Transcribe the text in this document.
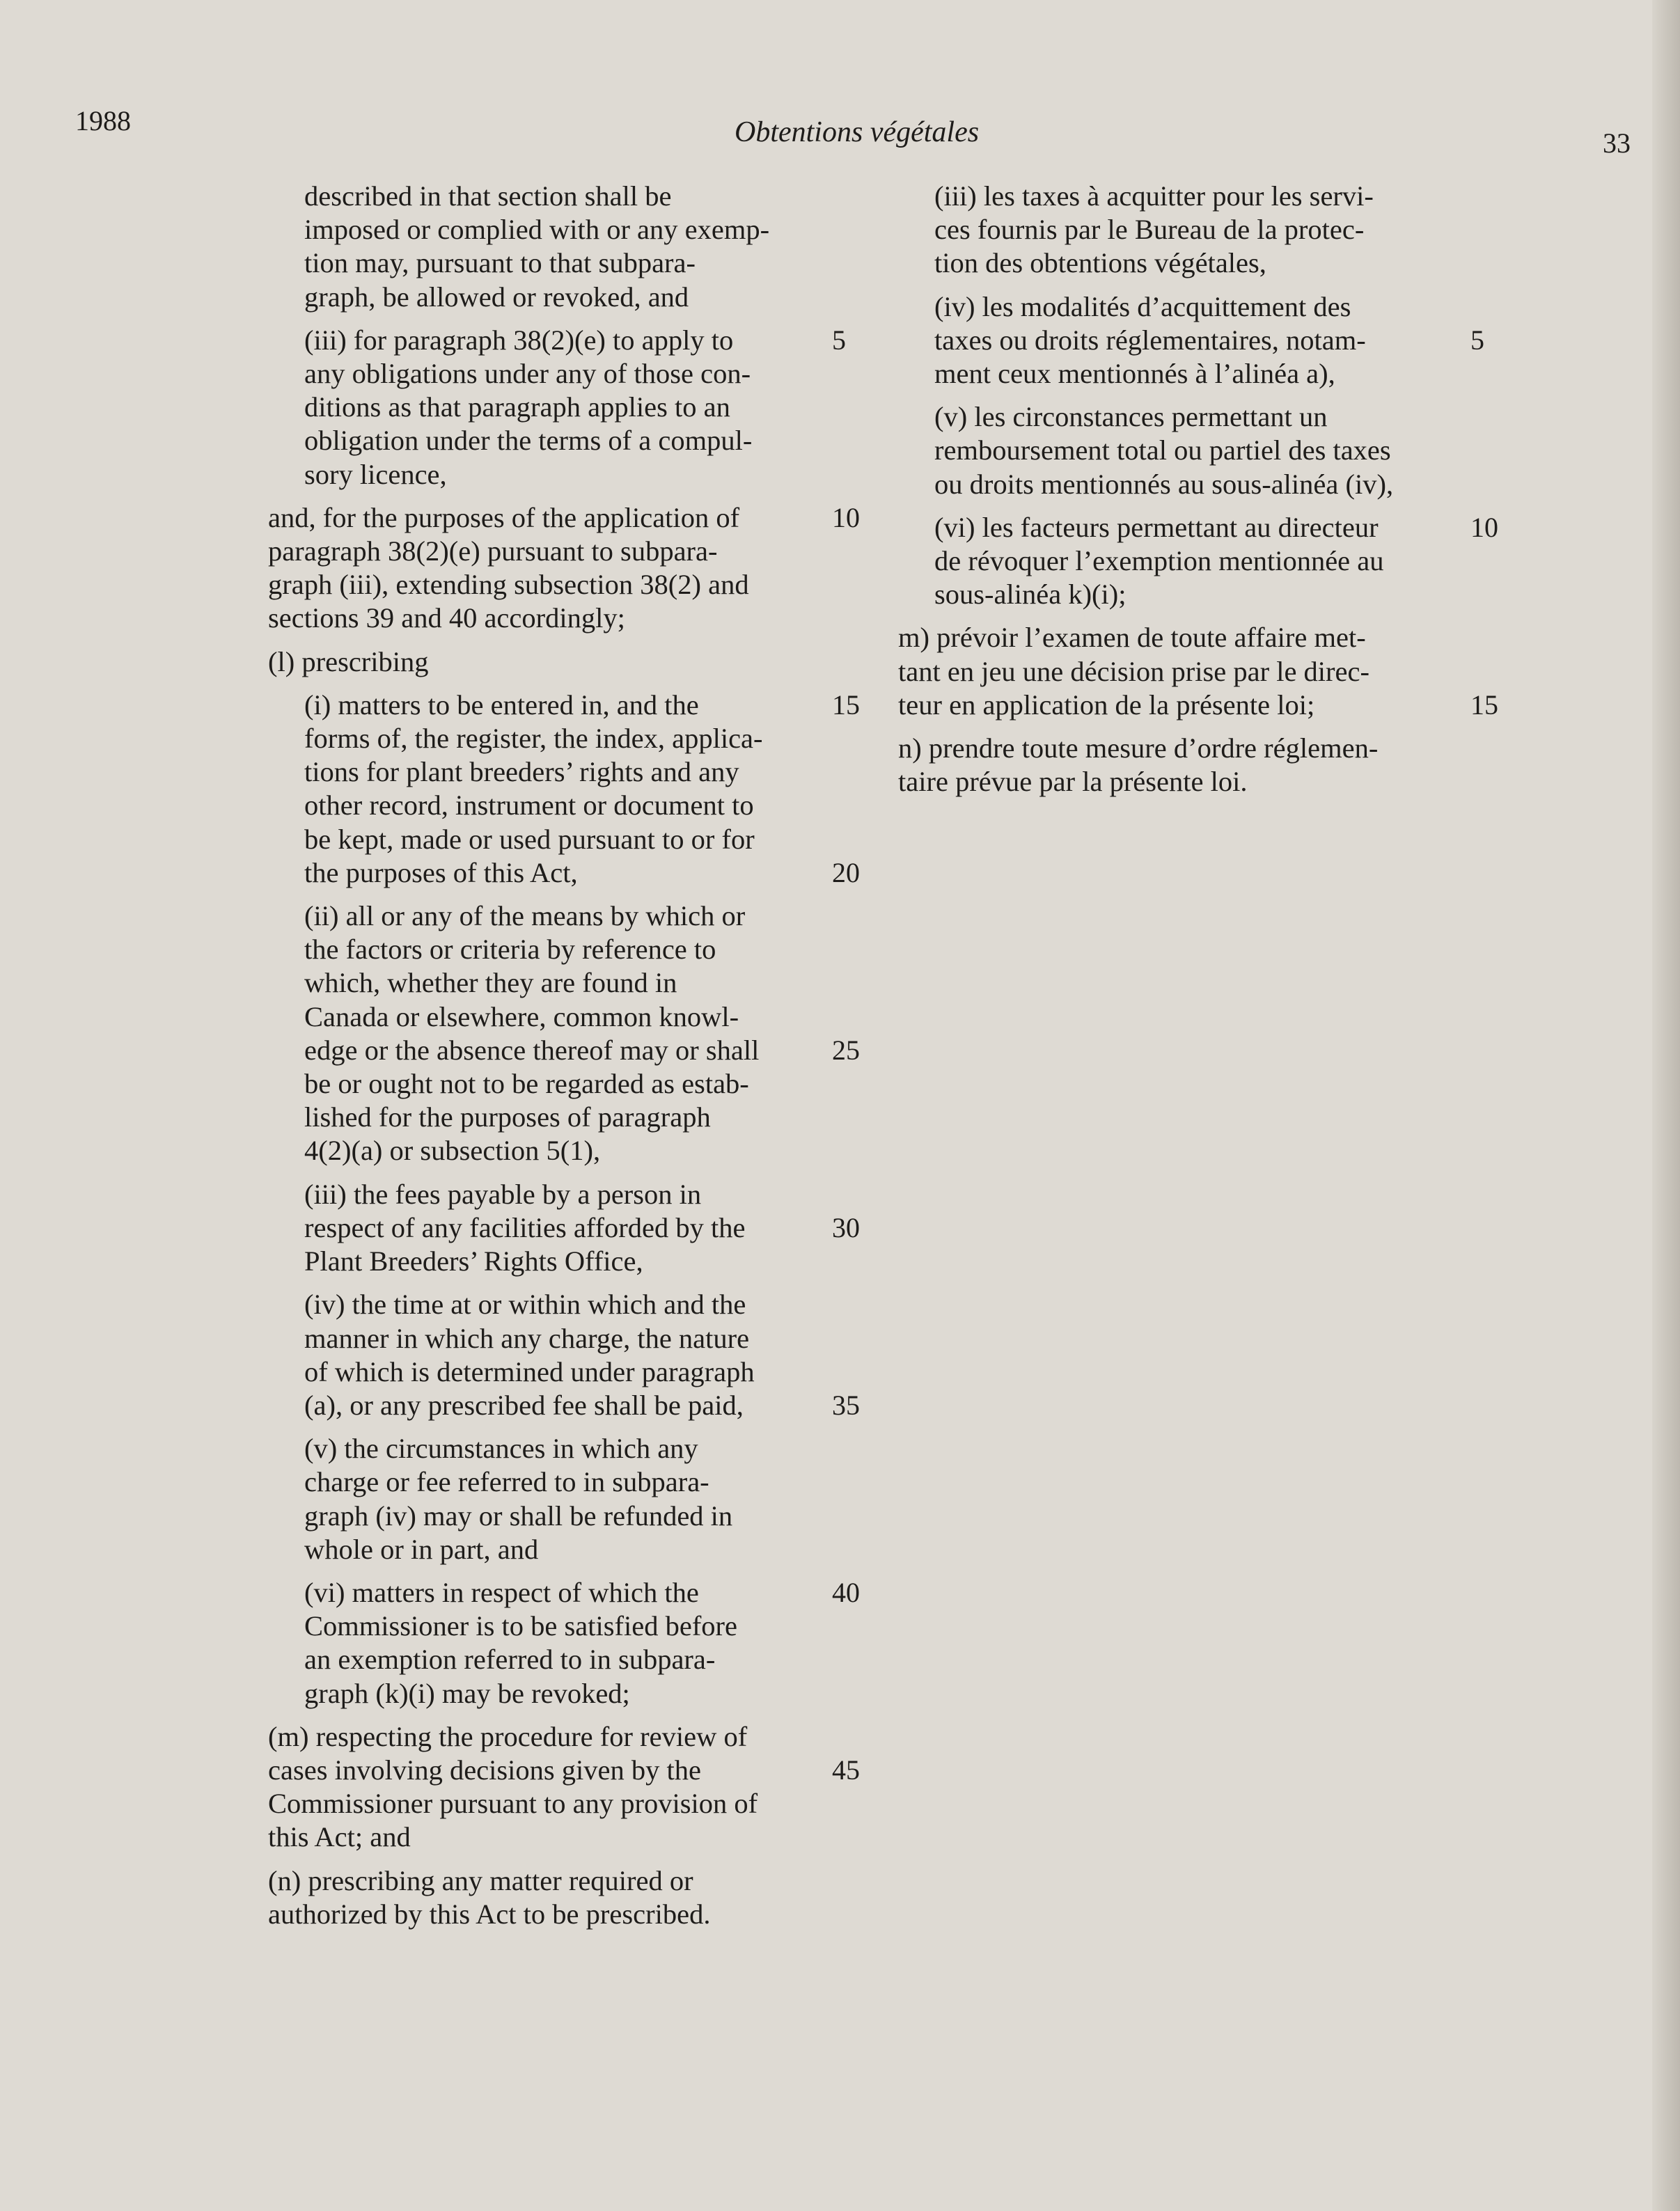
1988	Obtentions végétales	33
described in that section shall be
imposed or complied with or any exemp-
tion may, pursuant to that subpara-
graph, be allowed or revoked, and
(iii) for paragraph 38(2)(e) to apply to	5
any obligations under any of those con-
ditions as that paragraph applies to an
obligation under the terms of a compul-
sory licence,
and, for the purposes of the application of	10
paragraph 38(2)(e) pursuant to subpara-
graph (iii), extending subsection 38(2) and
sections 39 and 40 accordingly;
(l) prescribing
(i) matters to be entered in, and the	15
forms of, the register, the index, applica-
tions for plant breeders’ rights and any
other record, instrument or document to
be kept, made or used pursuant to or for
the purposes of this Act,	20
(ii) all or any of the means by which or
the factors or criteria by reference to
which, whether they are found in
Canada or elsewhere, common knowl-
edge or the absence thereof may or shall	25
be or ought not to be regarded as estab-
lished for the purposes of paragraph
4(2)(a) or subsection 5(1),
(iii) the fees payable by a person in
respect of any facilities afforded by the	30
Plant Breeders’ Rights Office,
(iv) the time at or within which and the
manner in which any charge, the nature
of which is determined under paragraph
(a), or any prescribed fee shall be paid,	35
(v) the circumstances in which any
charge or fee referred to in subpara-
graph (iv) may or shall be refunded in
whole or in part, and
(vi) matters in respect of which the	40
Commissioner is to be satisfied before
an exemption referred to in subpara-
graph (k)(i) may be revoked;
(m) respecting the procedure for review of
cases involving decisions given by the	45
Commissioner pursuant to any provision of
this Act; and
(n) prescribing any matter required or
authorized by this Act to be prescribed.
(iii) les taxes à acquitter pour les servi-
ces fournis par le Bureau de la protec-
tion des obtentions végétales,
(iv) les modalités d’acquittement des
taxes ou droits réglementaires, notam-	5
ment ceux mentionnés à l’alinéa a),
(v) les circonstances permettant un
remboursement total ou partiel des taxes
ou droits mentionnés au sous-alinéa (iv),
(vi) les facteurs permettant au directeur	10
de révoquer l’exemption mentionnée au
sous-alinéa k)(i);
m) prévoir l’examen de toute affaire met-
tant en jeu une décision prise par le direc-
teur en application de la présente loi;	15
n) prendre toute mesure d’ordre réglemen-
taire prévue par la présente loi.
